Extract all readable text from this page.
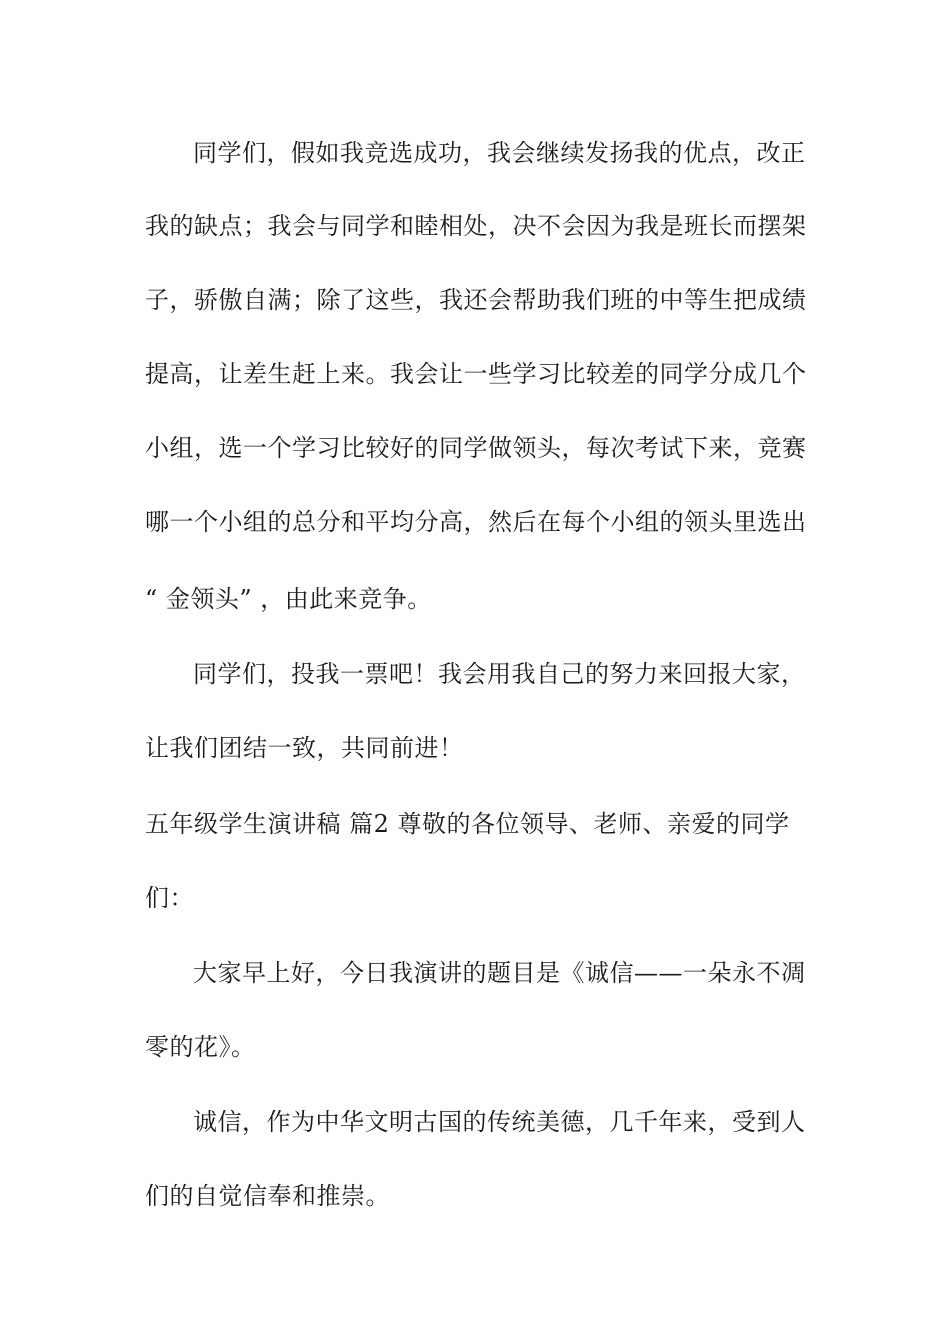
同学们，假如我竞选成功，我会继续发扬我的优点，改正
我的缺点；我会与同学和睦相处，决不会因为我是班长而摆架
子，骄傲自满；除了这些，我还会帮助我们班的中等生把成绩
提高，让差生赶上来。我会让一些学习比较差的同学分成几个
小组，选一个学习比较好的同学做领头，每次考试下来，竞赛
哪一个小组的总分和平均分高，然后在每个小组的领头里选出
“ 金领头” ，由此来竞争。
同学们，投我一票吧！我会用我自己的努力来回报大家，
让我们团结一致，共同前进！
五年级学生演讲稿 篇2 尊敬的各位领导、老师、亲爱的同学
们：
大家早上好，今日我演讲的题目是《诚信——一朵永不凋
零的花》。
诚信，作为中华文明古国的传统美德，几千年来，受到人
们的自觉信奉和推崇。
